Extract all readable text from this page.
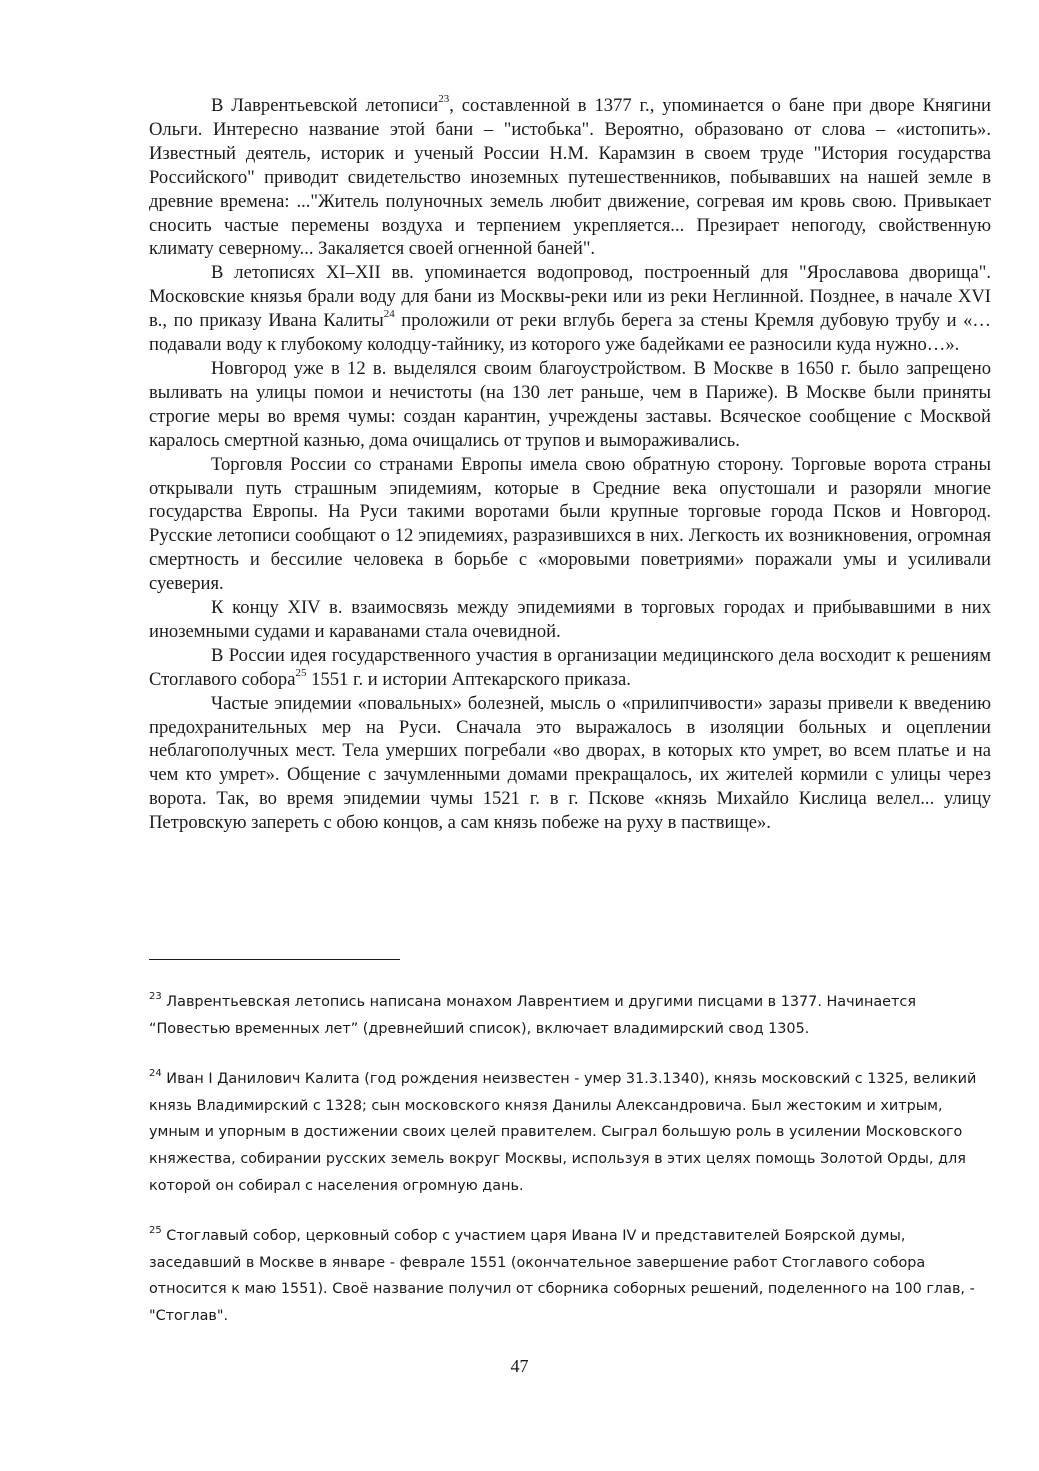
В Лаврентьевской летописи$^{23}$, составленной в 1377 г., упоминается о бане при дворе Княгини Ольги. Интересно название этой бани – "истобька". Вероятно, образовано от слова – «истопить». Известный деятель, историк и ученый России Н.М. Карамзин в своем труде "История государства Российского" приводит свидетельство иноземных путешественников, побывавших на нашей земле в древние времена: ..."Житель полуночных земель любит движение, согревая им кровь свою. Привыкает сносить частые перемены воздуха и терпением укрепляется... Презирает непогоду, свойственную климату северному... Закаляется своей огненной баней".

В летописях XI–XII вв. упоминается водопровод, построенный для "Ярославова дворища". Московские князья брали воду для бани из Москвы-реки или из реки Неглинной. Позднее, в начале XVI в., по приказу Ивана Калиты$^{24}$ проложили от реки вглубь берега за стены Кремля дубовую трубу и «…подавали воду к глубокому колодцу-тайнику, из которого уже бадейками ее разносили куда нужно…».

Новгород уже в 12 в. выделялся своим благоустройством. В Москве в 1650 г. было запрещено выливать на улицы помои и нечистоты (на 130 лет раньше, чем в Париже). В Москве были приняты строгие меры во время чумы: создан карантин, учреждены заставы. Всяческое сообщение с Москвой каралось смертной казнью, дома очищались от трупов и вымораживались.

Торговля России со странами Европы имела свою обратную сторону. Торговые ворота страны открывали путь страшным эпидемиям, которые в Средние века опустошали и разоряли многие государства Европы. На Руси такими воротами были крупные торговые города Псков и Новгород. Русские летописи сообщают о 12 эпидемиях, разразившихся в них. Легкость их возникновения, огромная смертность и бессилие человека в борьбе с «моровыми поветриями» поражали умы и усиливали суеверия.

К концу XIV в. взаимосвязь между эпидемиями в торговых городах и прибывавшими в них иноземными судами и караванами стала очевидной.

В России идея государственного участия в организации медицинского дела восходит к решениям Стоглавого собора$^{25}$ 1551 г. и истории Аптекарского приказа.

Частые эпидемии «повальных» болезней, мысль о «прилипчивости» заразы привели к введению предохранительных мер на Руси. Сначала это выражалось в изоляции больных и оцеплении неблагополучных мест. Тела умерших погребали «во дворах, в которых кто умрет, во всем платье и на чем кто умрет». Общение с зачумленными домами прекращалось, их жителей кормили с улицы через ворота. Так, во время эпидемии чумы 1521 г. в г. Пскове «князь Михайло Кислица велел... улицу Петровскую запереть с обою концов, а сам князь побеже на руху в паствище».

$^{23}$ Лаврентьевская летопись написана монахом Лаврентием и другими писцами в 1377. Начинается “Повестью временных лет” (древнейший список), включает владимирский свод 1305.

$^{24}$ Иван I Данилович Калита (год рождения неизвестен - умер 31.3.1340), князь московский с 1325, великий князь Владимирский с 1328; сын московского князя Данилы Александровича. Был жестоким и хитрым, умным и упорным в достижении своих целей правителем. Сыграл большую роль в усилении Московского княжества, собирании русских земель вокруг Москвы, используя в этих целях помощь Золотой Орды, для которой он собирал с населения огромную дань.

$^{25}$ Стоглавый собор, церковный собор с участием царя Ивана IV и представителей Боярской думы, заседавший в Москве в январе - феврале 1551 (окончательное завершение работ Стоглавого собора относится к маю 1551). Своё название получил от сборника соборных решений, поделенного на 100 глав, - "Стоглав".

47
